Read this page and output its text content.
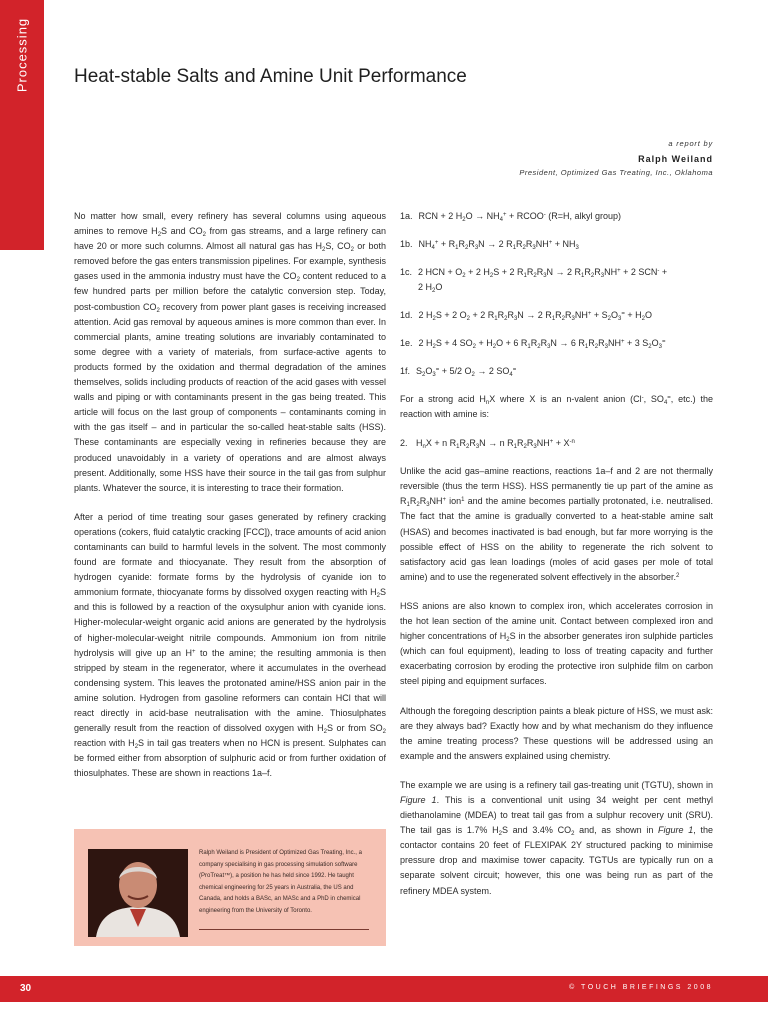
Processing Heat-stable Salts and Amine Unit Performance
a report by
Ralph Weiland
President, Optimized Gas Treating, Inc., Oklahoma

No matter how small, every refinery has several columns using aqueous amines to remove $H_2S$ and $CO_2$ from gas streams, and a large refinery can have 20 or more such columns. Almost all natural gas has $H_2S$, $CO_2$ or both removed before the gas enters transmission pipelines. For example, synthesis gases used in the ammonia industry must have the $CO_2$ content reduced to a few hundred parts per million before the catalytic conversion step. Today, post-combustion $CO_2$ recovery from power plant gases is receiving increased attention. Acid gas removal by aqueous amines is more common than ever. In commercial plants, amine treating solutions are invariably contaminated to some degree with a variety of materials, from surface-active agents to products formed by the oxidation and thermal degradation of the amines themselves, solids including products of reaction of the acid gases with vessel walls and piping or with contaminants present in the gas being treated. This article will focus on the last group of components – contaminants coming in with the gas itself – and in particular the so-called heat-stable salts (HSS). These contaminants are especially vexing in refineries because they are produced unavoidably in a variety of operations and are almost always present. Additionally, some HSS have their source in the tail gas from sulphur plants. Whatever the source, it is interesting to trace their formation.

After a period of time treating sour gases generated by refinery cracking operations (cokers, fluid catalytic cracking [FCC]), trace amounts of acid anion contaminants can build to harmful levels in the solvent. The most commonly found are formate and thiocyanate. They result from the absorption of hydrogen cyanide: formate forms by the hydrolysis of cyanide ion to ammonium formate, thiocyanate forms by dissolved oxygen reacting with $H_2S$ and this is followed by a reaction of the oxysulphur anion with cyanide ions. Higher-molecular-weight organic acid anions are generated by the hydrolysis of higher-molecular-weight nitrile compounds. Ammonium ion from nitrile hydrolysis will give up an H+ to the amine; the resulting ammonia is then stripped by steam in the regenerator, where it accumulates in the overhead condensing system. This leaves the protonated amine/HSS anion pair in the amine solution. Hydrogen from gasoline reformers can contain HCl that will react directly in acid-base neutralisation with the amine. Thiosulphates generally result from the reaction of dissolved oxygen with $H_2S$ or from $SO_2$ reaction with $H_2S$ in tail gas treaters when no HCN is present. Sulphates can be formed either from absorption of sulphuric acid or from further oxidation of thiosulphates. These are shown in reactions 1a–f.

Ralph Weiland is President of Optimized Gas Treating, Inc., a company specialising in gas processing simulation software (ProTreat™), a position he has held since 1992. He taught chemical engineering for 25 years in Australia, the US and Canada, and holds a BASc, an MASc and a PhD in chemical engineering from the University of Toronto.
1a. RCN + 2 $H_2O \to NH_4^+$ + RCOO- (R=H, alkyl group)
1b. $NH_4^+ + R_1R_2R_3N \to 2$ $R_1R_2R_3NH^+ + NH_3$
1c. 2 HCN + $O_2 + 2$ $H_2S + 2$ $R_1R_2R_3N \to 2$ $R_1R_2R_3NH^+ + 2$ SCN- +
2 $H_2O$
1d. 2 $H_2S + 2$ $O_2 + 2$ $R_1R_2R_3N \to 2$ $R_1R_2R_3NH^+ + S_2O_3^= + H_2O$
1e. 2 $H_2S + 4$ $SO_2 + H_2O + 6$ $R_1R_2R_3N \to 6$ $R_1R_2R_3NH^+ + 3$ $S_2O_3^=$
1f. $S_2O_3^= + 5/2$ $O_2 \to 2$ $SO_4^=$

For a strong acid $H_nX$ where X is an n-valent anion (Cl-, $SO_4^=$, etc.) the reaction with amine is:

2. $H_nX + n$ $R_1R_2R_3N \to n$ $R_1R_2R_3NH^+ + X^{-n}$

Unlike the acid gas–amine reactions, reactions 1a–f and 2 are not thermally reversible (thus the term HSS). HSS permanently tie up part of the amine as $R_1R_2R_3NH^+$ ion$^1$ and the amine becomes partially protonated, i.e. neutralised. The fact that the amine is gradually converted to a heat-stable amine salt (HSAS) and becomes inactivated is bad enough, but far more worrying is the possible effect of HSS on the ability to regenerate the rich solvent to satisfactory acid gas lean loadings (moles of acid gases per mole of total amine) and to use the regenerated solvent effectively in the absorber.$^2$

HSS anions are also known to complex iron, which accelerates corrosion in the hot lean section of the amine unit. Contact between complexed iron and higher concentrations of $H_2S$ in the absorber generates iron sulphide particles (which can foul equipment), leading to loss of treating capacity and further exacerbating corrosion by eroding the protective iron sulphide film on carbon steel piping and equipment surfaces.

Although the foregoing description paints a bleak picture of HSS, we must ask: are they always bad? Exactly how and by what mechanism do they influence the amine treating process? These questions will be addressed using an example and the answers explained using chemistry.

The example we are using is a refinery tail gas-treating unit (TGTU), shown in Figure 1. This is a conventional unit using 34 weight per cent methyl diethanolamine (MDEA) to treat tail gas from a sulphur recovery unit (SRU). The tail gas is 1.7% $H_2S$ and 3.4% $CO_2$ and, as shown in Figure 1, the contactor contains 20 feet of FLEXIPAK 2Y structured packing to minimise pressure drop and maximise tower capacity. TGTUs are typically run on a separate solvent circuit; however, this one was being run as part of the refinery MDEA system.

30	© TOUCH BRIEFINGS 2008
